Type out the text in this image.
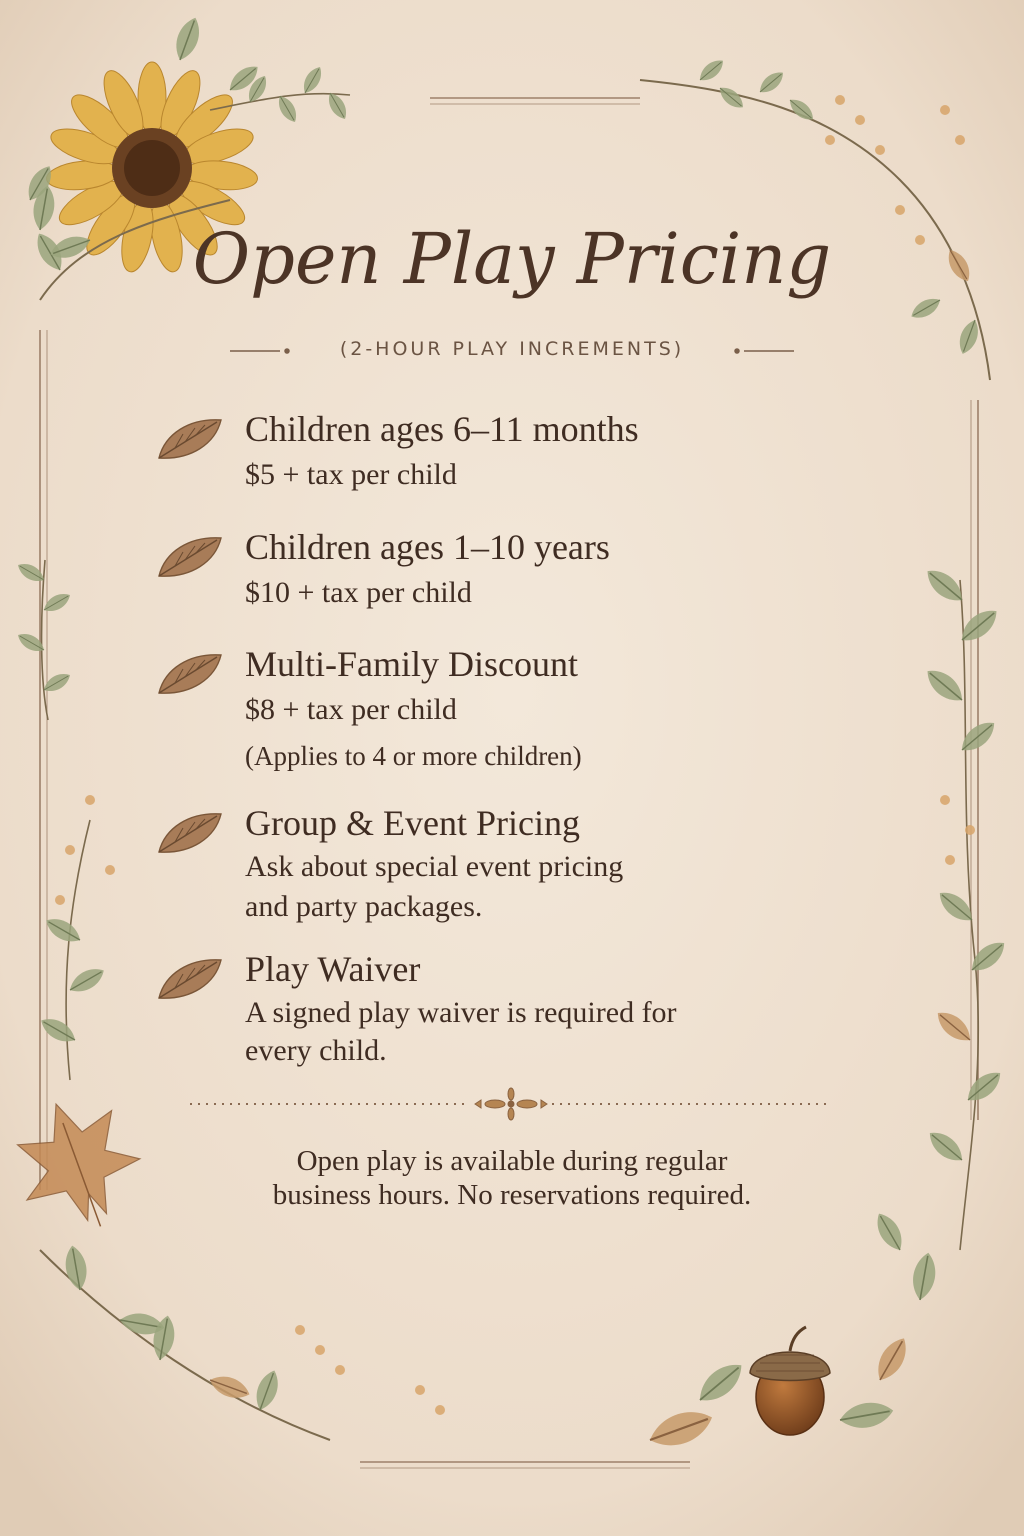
Open Play Pricing
(2-HOUR PLAY INCREMENTS)
Children ages 6–11 months
$5 + tax per child
Children ages 1–10 years
$10 + tax per child
Multi-Family Discount
$8 + tax per child
(Applies to 4 or more children)
Group & Event Pricing
Ask about special event pricing
and party packages.
Play Waiver
A signed play waiver is required for
every child.
Open play is available during regular
business hours. No reservations required.
